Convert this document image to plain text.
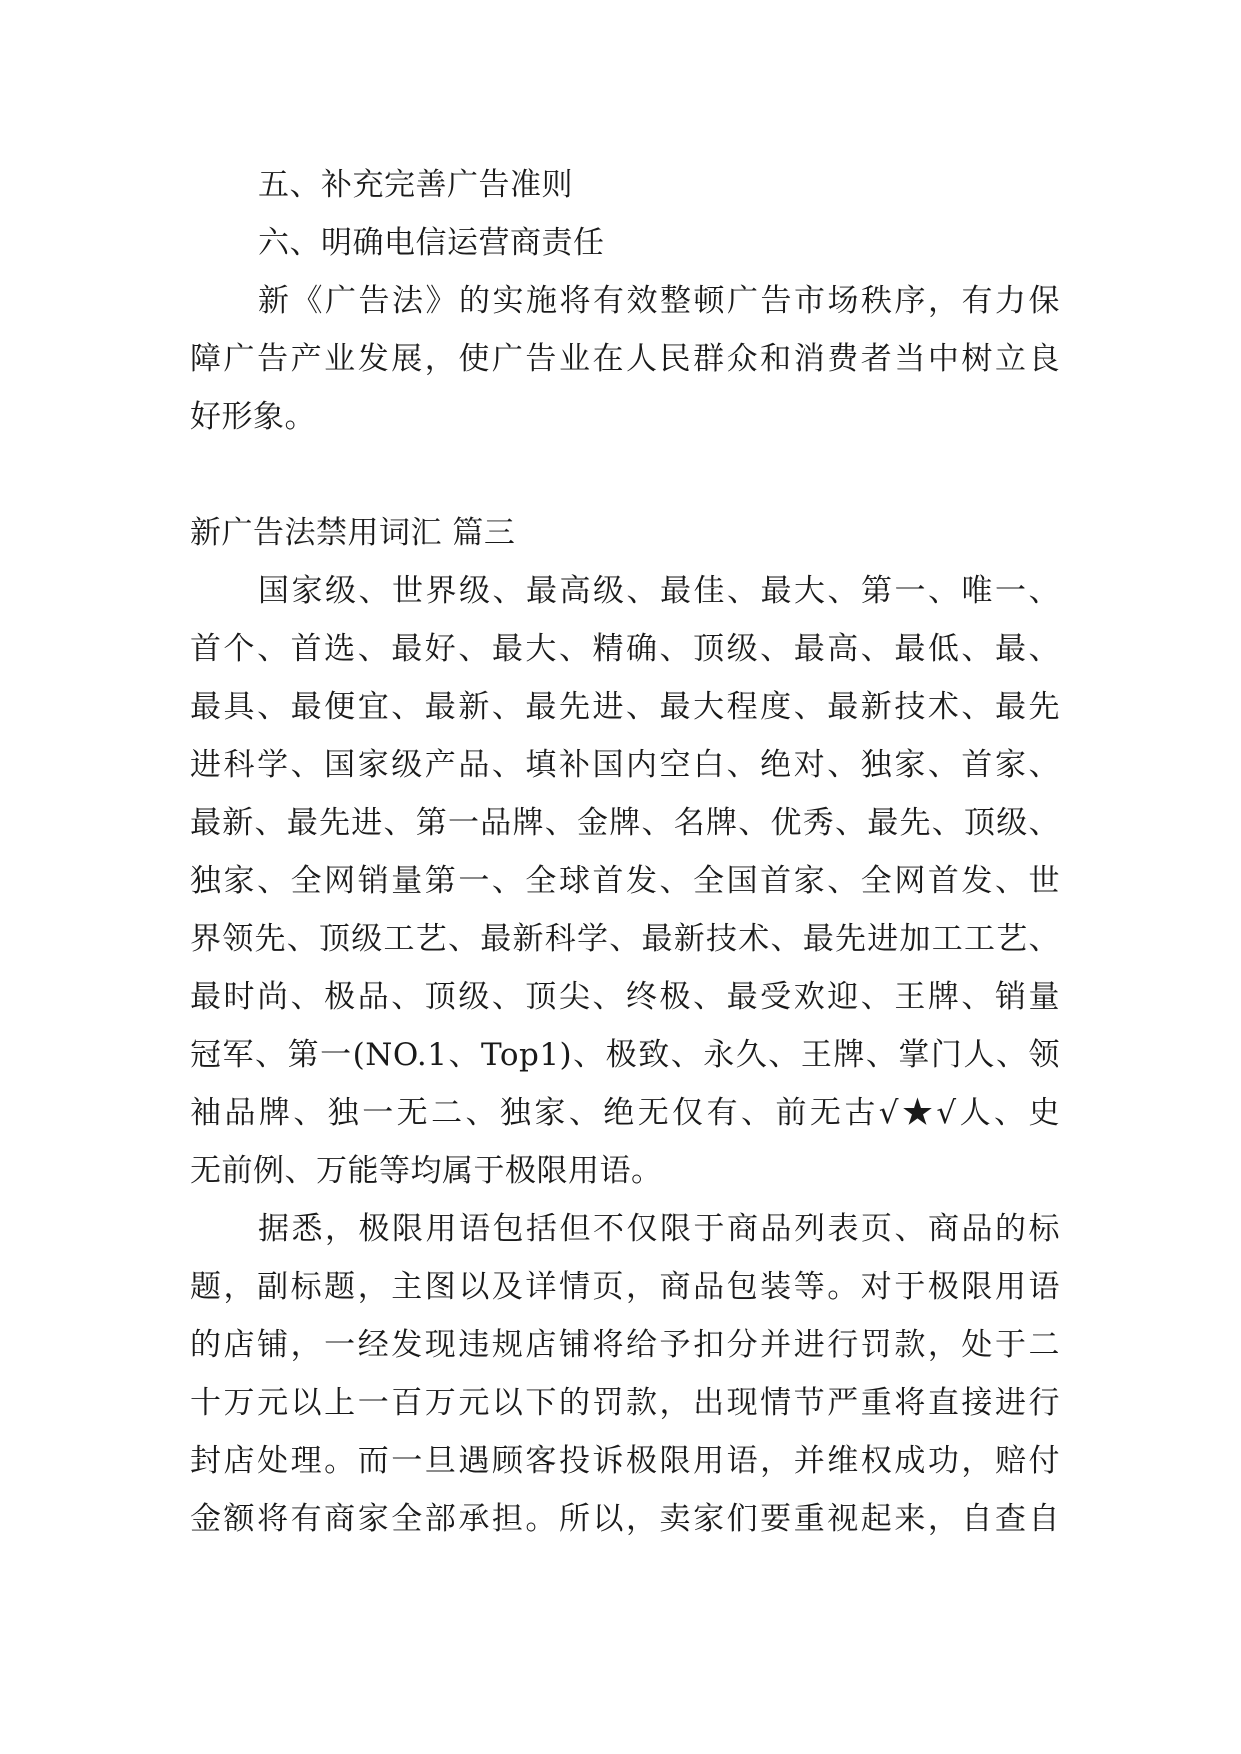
五、补充完善广告准则
六、明确电信运营商责任
新《广告法》的实施将有效整顿广告市场秩序，有力保
障广告产业发展，使广告业在人民群众和消费者当中树立良
好形象。
新广告法禁用词汇 篇三
国家级、世界级、最高级、最佳、最大、第一、唯一、
首个、首选、最好、最大、精确、顶级、最高、最低、最、
最具、最便宜、最新、最先进、最大程度、最新技术、最先
进科学、国家级产品、填补国内空白、绝对、独家、首家、
最新、最先进、第一品牌、金牌、名牌、优秀、最先、顶级、
独家、全网销量第一、全球首发、全国首家、全网首发、世
界领先、顶级工艺、最新科学、最新技术、最先进加工工艺、
最时尚、极品、顶级、顶尖、终极、最受欢迎、王牌、销量
冠军、第一(NO.1、Top1)、极致、永久、王牌、掌门人、领
袖品牌、独一无二、独家、绝无仅有、前无古√★√人、史
无前例、万能等均属于极限用语。
据悉，极限用语包括但不仅限于商品列表页、商品的标
题，副标题，主图以及详情页，商品包装等。对于极限用语
的店铺，一经发现违规店铺将给予扣分并进行罚款，处于二
十万元以上一百万元以下的罚款，出现情节严重将直接进行
封店处理。而一旦遇顾客投诉极限用语，并维权成功，赔付
金额将有商家全部承担。所以，卖家们要重视起来，自查自
